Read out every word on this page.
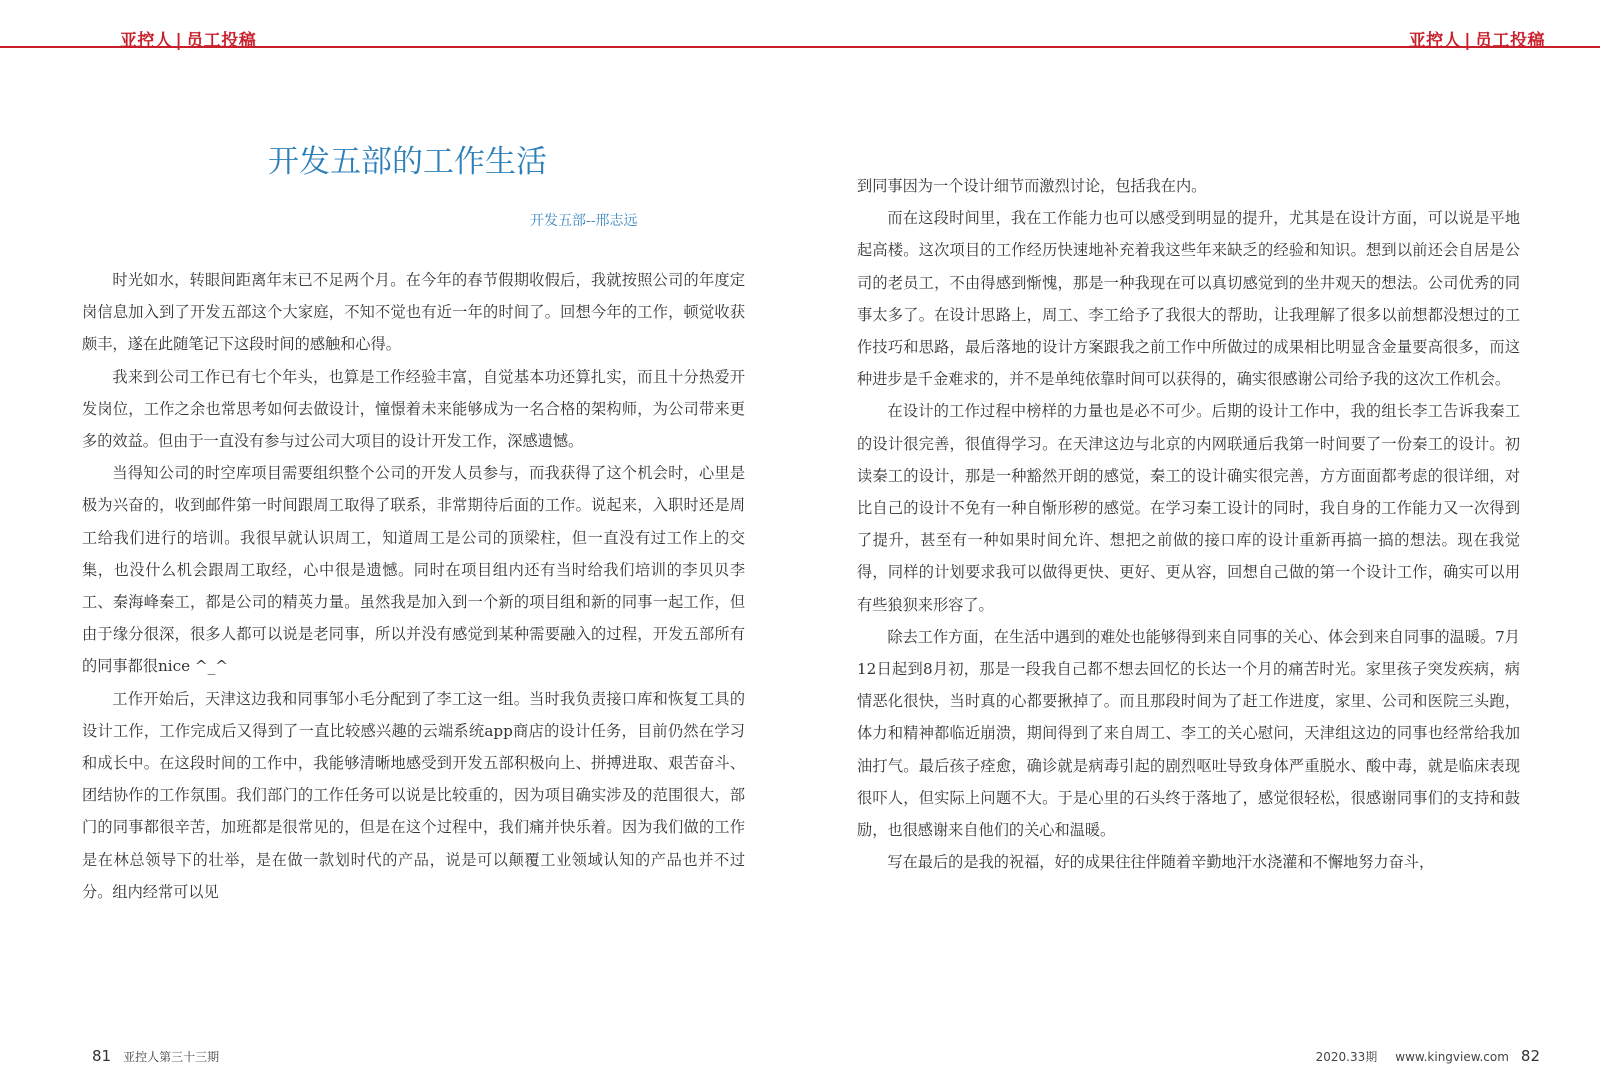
亚控人 | 员工投稿	亚控人 | 员工投稿
开发五部的工作生活
开发五部--邢志远

时光如水，转眼间距离年末已不足两个月。在今年的春节假期收假后，我就按照公司的年度定岗信息加入到了开发五部这个大家庭，不知不觉也有近一年的时间了。回想今年的工作，顿觉收获颇丰，遂在此随笔记下这段时间的感触和心得。

我来到公司工作已有七个年头，也算是工作经验丰富，自觉基本功还算扎实，而且十分热爱开发岗位，工作之余也常思考如何去做设计，憧憬着未来能够成为一名合格的架构师，为公司带来更多的效益。但由于一直没有参与过公司大项目的设计开发工作，深感遗憾。

当得知公司的时空库项目需要组织整个公司的开发人员参与，而我获得了这个机会时，心里是极为兴奋的，收到邮件第一时间跟周工取得了联系，非常期待后面的工作。说起来，入职时还是周工给我们进行的培训。我很早就认识周工，知道周工是公司的顶梁柱，但一直没有过工作上的交集，也没什么机会跟周工取经，心中很是遗憾。同时在项目组内还有当时给我们培训的李贝贝李工、秦海峰秦工，都是公司的精英力量。虽然我是加入到一个新的项目组和新的同事一起工作，但由于缘分很深，很多人都可以说是老同事，所以并没有感觉到某种需要融入的过程，开发五部所有的同事都很nice ^_^

工作开始后，天津这边我和同事邹小毛分配到了李工这一组。当时我负责接口库和恢复工具的设计工作，工作完成后又得到了一直比较感兴趣的云端系统app商店的设计任务，目前仍然在学习和成长中。在这段时间的工作中，我能够清晰地感受到开发五部积极向上、拼搏进取、艰苦奋斗、团结协作的工作氛围。我们部门的工作任务可以说是比较重的，因为项目确实涉及的范围很大，部门的同事都很辛苦，加班都是很常见的，但是在这个过程中，我们痛并快乐着。因为我们做的工作是在林总领导下的壮举，是在做一款划时代的产品，说是可以颠覆工业领域认知的产品也并不过分。组内经常可以见

到同事因为一个设计细节而激烈讨论，包括我在内。

而在这段时间里，我在工作能力也可以感受到明显的提升，尤其是在设计方面，可以说是平地起高楼。这次项目的工作经历快速地补充着我这些年来缺乏的经验和知识。想到以前还会自居是公司的老员工，不由得感到惭愧，那是一种我现在可以真切感觉到的坐井观天的想法。公司优秀的同事太多了。在设计思路上，周工、李工给予了我很大的帮助，让我理解了很多以前想都没想过的工作技巧和思路，最后落地的设计方案跟我之前工作中所做过的成果相比明显含金量要高很多，而这种进步是千金难求的，并不是单纯依靠时间可以获得的，确实很感谢公司给予我的这次工作机会。

在设计的工作过程中榜样的力量也是必不可少。后期的设计工作中，我的组长李工告诉我秦工的设计很完善，很值得学习。在天津这边与北京的内网联通后我第一时间要了一份秦工的设计。初读秦工的设计，那是一种豁然开朗的感觉，秦工的设计确实很完善，方方面面都考虑的很详细，对比自己的设计不免有一种自惭形秽的感觉。在学习秦工设计的同时，我自身的工作能力又一次得到了提升，甚至有一种如果时间允许、想把之前做的接口库的设计重新再搞一搞的想法。现在我觉得，同样的计划要求我可以做得更快、更好、更从容，回想自己做的第一个设计工作，确实可以用有些狼狈来形容了。

除去工作方面，在生活中遇到的难处也能够得到来自同事的关心、体会到来自同事的温暖。7月12日起到8月初，那是一段我自己都不想去回忆的长达一个月的痛苦时光。家里孩子突发疾病，病情恶化很快，当时真的心都要揪掉了。而且那段时间为了赶工作进度，家里、公司和医院三头跑，体力和精神都临近崩溃，期间得到了来自周工、李工的关心慰问，天津组这边的同事也经常给我加油打气。最后孩子痊愈，确诊就是病毒引起的剧烈呕吐导致身体严重脱水、酸中毒，就是临床表现很吓人，但实际上问题不大。于是心里的石头终于落地了，感觉很轻松，很感谢同事们的支持和鼓励，也很感谢来自他们的关心和温暖。

写在最后的是我的祝福，好的成果往往伴随着辛勤地汗水浇灌和不懈地努力奋斗，

81 亚控人第三十三期	2020.33期 www.kingview.com 82
